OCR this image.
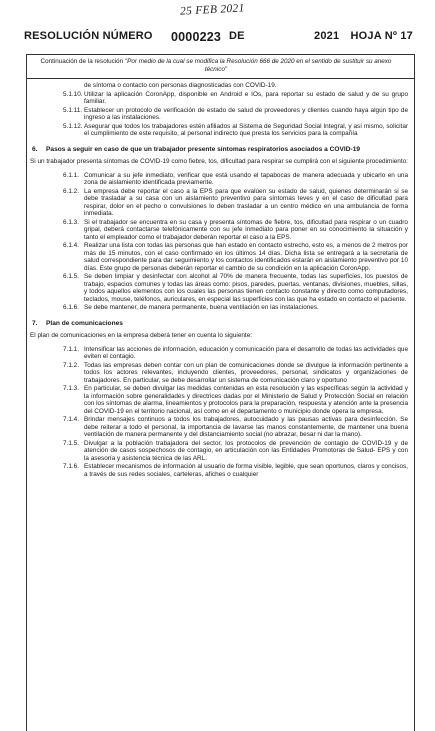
25 FEB 2021
RESOLUCIÓN NÚMERO 0000223 DE	2021 HOJA Nº 17
Continuación de la resolución "Por medio de la cual se modifica la Resolución 666 de 2020 en el sentido de sustituir su anexo técnico"
de síntoma o contacto con personas diagnosticadas con COVID-19.
5.1.10. Utilizar la aplicación CoronApp, disponible en Android e IOs, para reportar su estado de salud y de su grupo familiar.
5.1.11. Establecer un protocolo de verificación de estado de salud de proveedores y clientes cuando haya algún tipo de ingreso a las instalaciones.
5.1.12. Asegurar que todos los trabajadores estén afiliados al Sistema de Seguridad Social Integral, y así mismo, solicitar el cumplimiento de este requisito, al personal indirecto que presta los servicios para la compañía
6.	Pasos a seguir en caso de que un trabajador presente síntomas respiratorios asociados a COVID-19
Si un trabajador presenta síntomas de COVID-19 como fiebre, tos, dificultad para respirar se cumplirá con el siguiente procedimiento:
6.1.1. Comunicar a su jefe inmediato, verificar que está usando el tapabocas de manera adecuada y ubicarlo en una zona de aislamiento identificada previamente.
6.1.2. La empresa debe reportar el caso a la EPS para que evalúen su estado de salud, quienes determinarán si se debe trasladar a su casa con un aislamiento preventivo para síntomas leves y en el caso de dificultad para respirar, dolor en el pecho o convulsiones lo deben trasladar a un centro médico en una ambulancia de forma inmediata.
6.1.3. Si el trabajador se encuentra en su casa y presenta síntomas de fiebre, tos, dificultad para respirar o un cuadro gripal, deberá contactarse telefónicamente con su jefe inmediato para poner en su conocimiento la situación y tanto el empleador como el trabajador deberán reportar el caso a la EPS.
6.1.4. Realizar una lista con todas las personas que han estado en contacto estrecho, esto es, a menos de 2 metros por más de 15 minutos, con el caso confirmado en los últimos 14 días. Dicha lista se entregará a la secretaria de salud correspondiente para dar seguimiento y los contactos identificados estarán en aislamiento preventivo por 10 días. Este grupo de personas deberán reportar el cambio de su condición en la aplicación CoronApp.
6.1.5. Se deben limpiar y desinfectar con alcohol al 70% de manera frecuente, todas las superficies, los puestos de trabajo, espacios comunes y todas las áreas como: pisos, paredes, puertas, ventanas, divisiones, muebles, sillas, y todos aquellos elementos con los cuales las personas tienen contacto constante y directo como computadores, teclados, mouse, teléfonos, auriculares, en especial las superficies con las que ha estado en contacto el paciente.
6.1.6. Se debe mantener, de manera permanente, buena ventilación en las instalaciones.
7.	Plan de comunicaciones
El plan de comunicaciones en la empresa deberá tener en cuenta lo siguiente:
7.1.1. Intensificar las acciones de información, educación y comunicación para el desarrollo de todas las actividades que eviten el contagio.
7.1.2. Todas las empresas deben contar con un plan de comunicaciones donde se divulgue la información pertinente a todos los actores relevantes, incluyendo clientes, proveedores, personal, sindicatos y organizaciones de trabajadores. En particular, se debe desarrollar un sistema de comunicación claro y oportuno
7.1.3. En particular, se deben divulgar las medidas contenidas en esta resolución y las específicas según la actividad y la información sobre generalidades y directrices dadas por el Ministerio de Salud y Protección Social en relación con los síntomas de alarma, lineamientos y protocolos para la preparación, respuesta y atención ante la presencia del COVID-19 en el territorio nacional, así como en el departamento o municipio donde opera la empresa.
7.1.4. Brindar mensajes continuos a todos los trabajadores, autocuidado y las pausas activas para desinfección. Se debe reiterar a todo el personal, la importancia de lavarse las manos constantemente, de mantener una buena ventilación de manera permanente y del distanciamiento social (no abrazar, besar ni dar la mano).
7.1.5. Divulgar a la población trabajadora del sector, los protocolos de prevención de contagio de COVID-19 y de atención de casos sospechosos de contagio, en articulación con las Entidades Promotoras de Salud- EPS y con la asesoría y asistencia técnica de las ARL.
7.1.6. Establecer mecanismos de información al usuario de forma visible, legible, que sean oportunos, claros y concisos, a través de sus redes sociales, carteleras, afiches o cualquier
